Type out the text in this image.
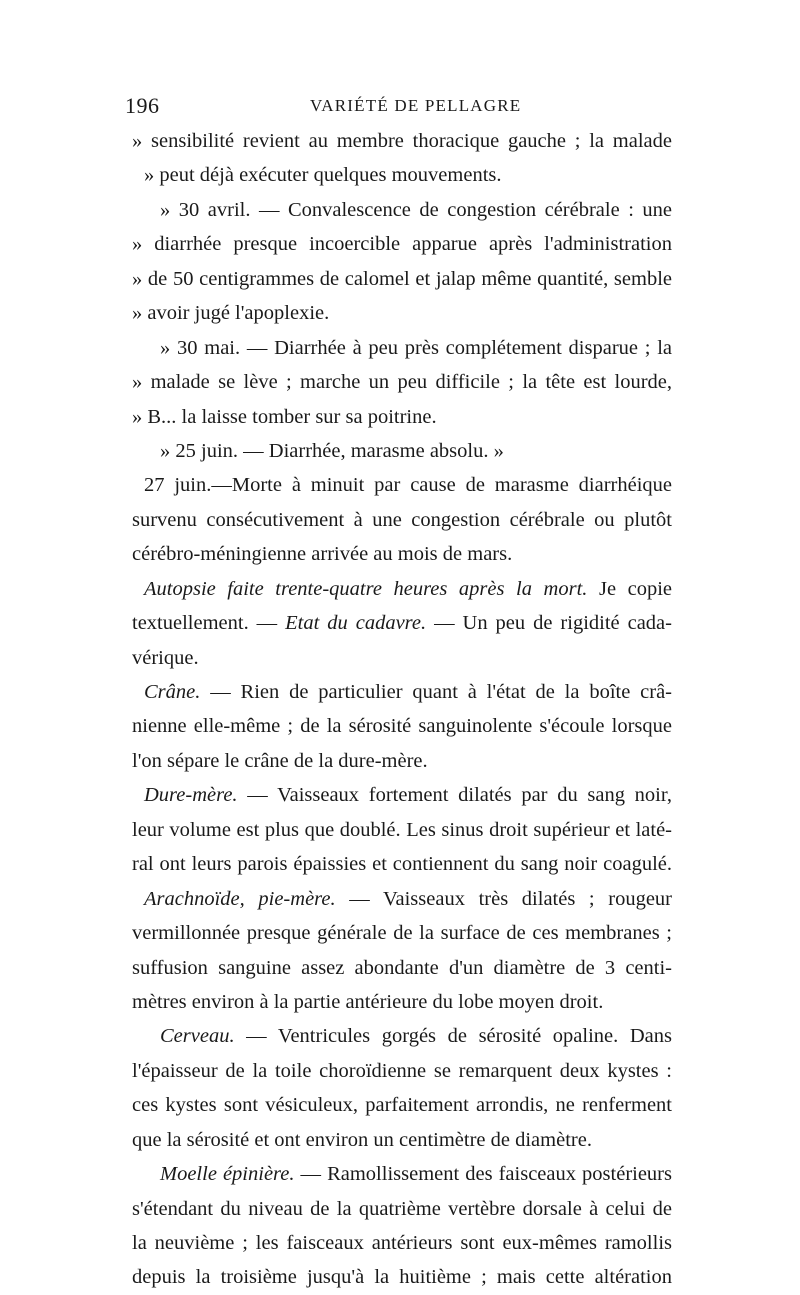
196	VARIÉTÉ DE PELLAGRE
» sensibilité revient au membre thoracique gauche ; la malade
» peut déjà exécuter quelques mouvements.
» 30 avril. — Convalescence de congestion cérébrale : une
» diarrhée presque incoercible apparue après l'administration
» de 50 centigrammes de calomel et jalap même quantité, semble
» avoir jugé l'apoplexie.
» 30 mai. — Diarrhée à peu près complétement disparue ; la
» malade se lève ; marche un peu difficile ; la tête est lourde,
» B... la laisse tomber sur sa poitrine.
» 25 juin. — Diarrhée, marasme absolu. »
27 juin.—Morte à minuit par cause de marasme diarrhéique
survenu consécutivement à une congestion cérébrale ou plutôt
cérébro-méningienne arrivée au mois de mars.
Autopsie faite trente-quatre heures après la mort. Je copie
textuellement. — Etat du cadavre. — Un peu de rigidité cada-
vérique.
Crâne. — Rien de particulier quant à l'état de la boîte crâ-
nienne elle-même ; de la sérosité sanguinolente s'écoule lorsque
l'on sépare le crâne de la dure-mère.
Dure-mère. — Vaisseaux fortement dilatés par du sang noir,
leur volume est plus que doublé. Les sinus droit supérieur et laté-
ral ont leurs parois épaissies et contiennent du sang noir coagulé.
Arachnoïde, pie-mère. — Vaisseaux très dilatés ; rougeur
vermillonnée presque générale de la surface de ces membranes ;
suffusion sanguine assez abondante d'un diamètre de 3 centi-
mètres environ à la partie antérieure du lobe moyen droit.
Cerveau. — Ventricules gorgés de sérosité opaline. Dans
l'épaisseur de la toile choroïdienne se remarquent deux kystes :
ces kystes sont vésiculeux, parfaitement arrondis, ne renferment
que la sérosité et ont environ un centimètre de diamètre.
Moelle épinière. — Ramollissement des faisceaux postérieurs
s'étendant du niveau de la quatrième vertèbre dorsale à celui de
la neuvième ; les faisceaux antérieurs sont eux-mêmes ramollis
depuis la troisième jusqu'à la huitième ; mais cette altération
